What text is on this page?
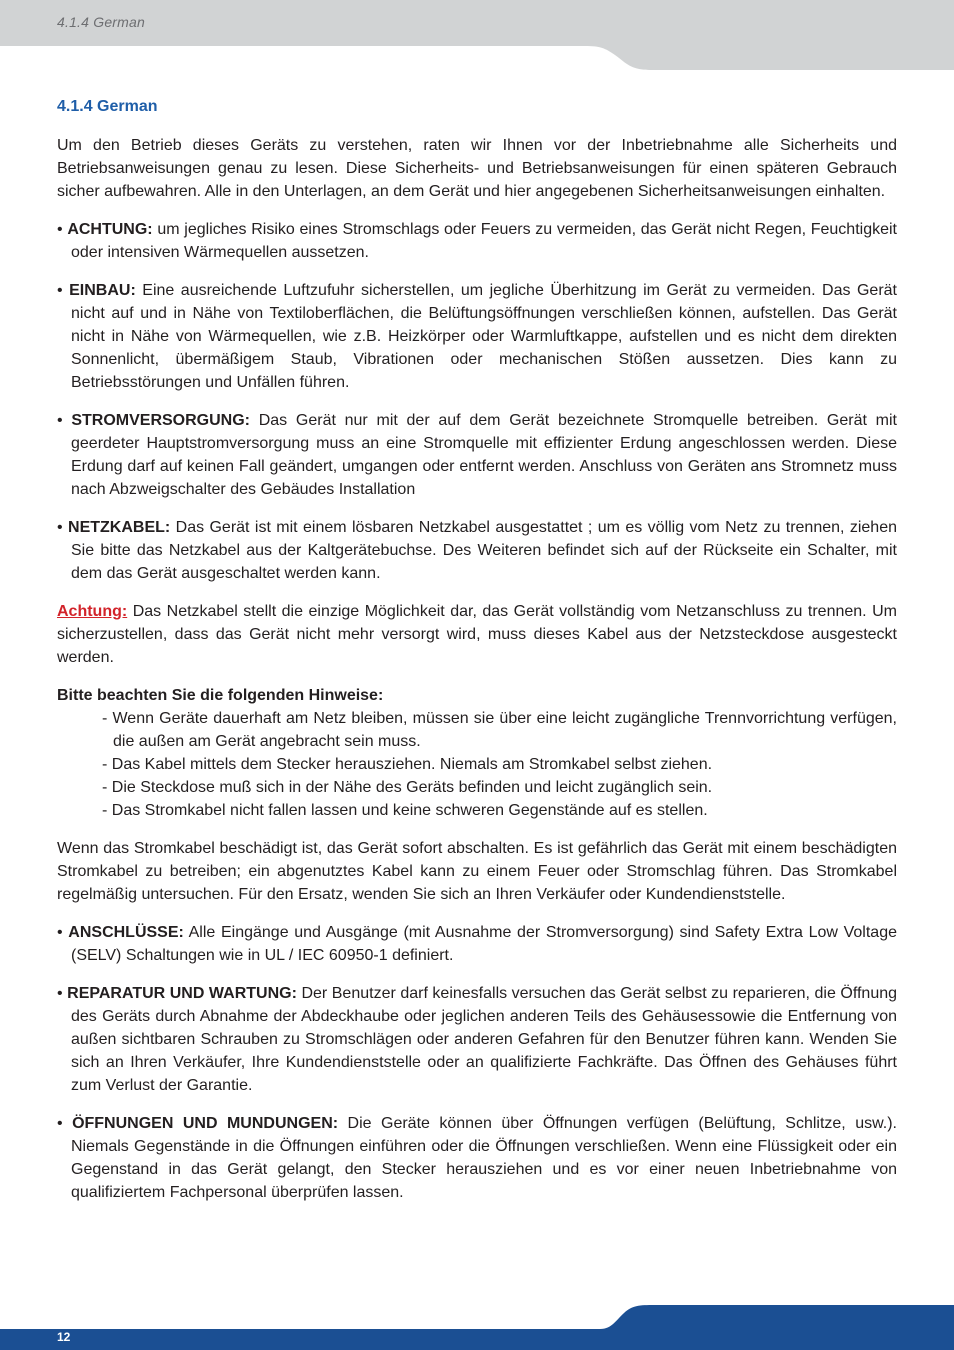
4.1.4 German
4.1.4 German

Um den Betrieb dieses Geräts zu verstehen, raten wir Ihnen vor der Inbetriebnahme alle Sicherheits und Betriebsanweisungen genau zu lesen. Diese Sicherheits- und Betriebsanweisungen für einen späteren Gebrauch sicher aufbewahren. Alle in den Unterlagen, an dem Gerät und hier angegebenen Sicherheitsanweisungen einhalten.

• ACHTUNG: um jegliches Risiko eines Stromschlags oder Feuers zu vermeiden, das Gerät nicht Regen, Feuchtigkeit oder intensiven Wärmequellen aussetzen.
• EINBAU: Eine ausreichende Luftzufuhr sicherstellen, um jegliche Überhitzung im Gerät zu vermeiden. Das Gerät nicht auf und in Nähe von Textiloberflächen, die Belüftungsöffnungen verschließen können, aufstellen. Das Gerät nicht in Nähe von Wärmequellen, wie z.B. Heizkörper oder Warmluftkappe, aufstellen und es nicht dem direkten Sonnenlicht, übermäßigem Staub, Vibrationen oder mechanischen Stößen aussetzen. Dies kann zu Betriebsstörungen und Unfällen führen.
• STROMVERSORGUNG: Das Gerät nur mit der auf dem Gerät bezeichnete Stromquelle betreiben. Gerät mit geerdeter Hauptstromversorgung muss an eine Stromquelle mit effizienter Erdung angeschlossen werden. Diese Erdung darf auf keinen Fall geändert, umgangen oder entfernt werden. Anschluss von Geräten ans Stromnetz muss nach Abzweigschalter des Gebäudes Installation
• NETZKABEL: Das Gerät ist mit einem lösbaren Netzkabel ausgestattet ; um es völlig vom Netz zu trennen, ziehen Sie bitte das Netzkabel aus der Kaltgerätebuchse. Des Weiteren befindet sich auf der Rückseite ein Schalter, mit dem das Gerät ausgeschaltet werden kann.

Achtung: Das Netzkabel stellt die einzige Möglichkeit dar, das Gerät vollständig vom Netzanschluss zu trennen. Um sicherzustellen, dass das Gerät nicht mehr versorgt wird, muss dieses Kabel aus der Netzsteckdose ausgesteckt werden.

Bitte beachten Sie die folgenden Hinweise:
- Wenn Geräte dauerhaft am Netz bleiben, müssen sie über eine leicht zugängliche Trennvorrichtung verfügen, die außen am Gerät angebracht sein muss.
- Das Kabel mittels dem Stecker herausziehen. Niemals am Stromkabel selbst ziehen.
- Die Steckdose muß sich in der Nähe des Geräts befinden und leicht zugänglich sein.
- Das Stromkabel nicht fallen lassen und keine schweren Gegenstände auf es stellen.

Wenn das Stromkabel beschädigt ist, das Gerät sofort abschalten. Es ist gefährlich das Gerät mit einem beschädigten Stromkabel zu betreiben; ein abgenutztes Kabel kann zu einem Feuer oder Stromschlag führen. Das Stromkabel regelmäßig untersuchen. Für den Ersatz, wenden Sie sich an Ihren Verkäufer oder Kundendienststelle.

• ANSCHLÜSSE: Alle Eingänge und Ausgänge (mit Ausnahme der Stromversorgung) sind Safety Extra Low Voltage (SELV) Schaltungen wie in UL / IEC 60950-1 definiert.
• REPARATUR UND WARTUNG: Der Benutzer darf keinesfalls versuchen das Gerät selbst zu reparieren, die Öffnung des Geräts durch Abnahme der Abdeckhaube oder jeglichen anderen Teils des Gehäusessowie die Entfernung von außen sichtbaren Schrauben zu Stromschlägen oder anderen Gefahren für den Benutzer führen kann. Wenden Sie sich an Ihren Verkäufer, Ihre Kundendienststelle oder an qualifizierte Fachkräfte. Das Öffnen des Gehäuses führt zum Verlust der Garantie.
• ÖFFNUNGEN UND MUNDUNGEN: Die Geräte können über Öffnungen verfügen (Belüftung, Schlitze, usw.). Niemals Gegenstände in die Öffnungen einführen oder die Öffnungen verschließen. Wenn eine Flüssigkeit oder ein Gegenstand in das Gerät gelangt, den Stecker herausziehen und es vor einer neuen Inbetriebnahme von qualifiziertem Fachpersonal überprüfen lassen.
12
